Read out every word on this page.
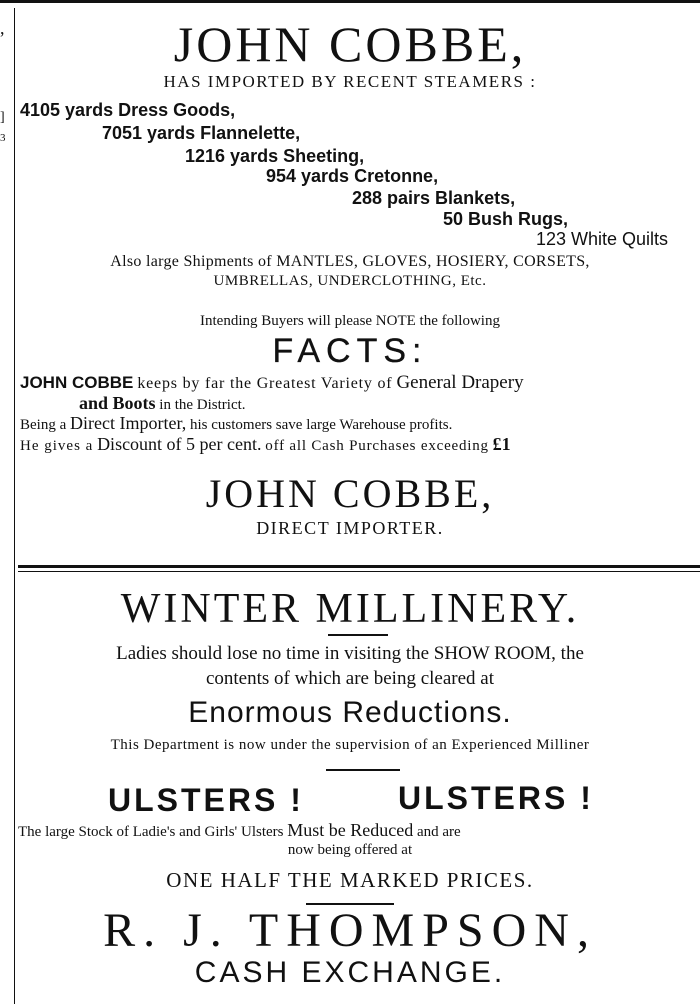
,
]
3
JOHN COBBE,
HAS IMPORTED BY RECENT STEAMERS :
4105 yards Dress Goods,
7051 yards Flannelette,
1216 yards Sheeting,
954 yards Cretonne,
288 pairs Blankets,
50 Bush Rugs,
123 White Quilts
Also large Shipments of MANTLES, GLOVES, HOSIERY, CORSETS,
UMBRELLAS, UNDERCLOTHING, Etc.
Intending Buyers will please NOTE the following
FACTS:
JOHN COBBE keeps by far the Greatest Variety of General Drapery
and Boots in the District.
Being a Direct Importer, his customers save large Warehouse profits.
He gives a Discount of 5 per cent. off all Cash Purchases exceeding £1
JOHN COBBE,
DIRECT IMPORTER.
WINTER MILLINERY.
Ladies should lose no time in visiting the SHOW ROOM, the
contents of which are being cleared at
Enormous Reductions.
This Department is now under the supervision of an Experienced Milliner
ULSTERS !	ULSTERS !
The large Stock of Ladie's and Girls' Ulsters Must be Reduced and are
now being offered at
ONE HALF THE MARKED PRICES.
R. J. THOMPSON,
CASH EXCHANGE.
